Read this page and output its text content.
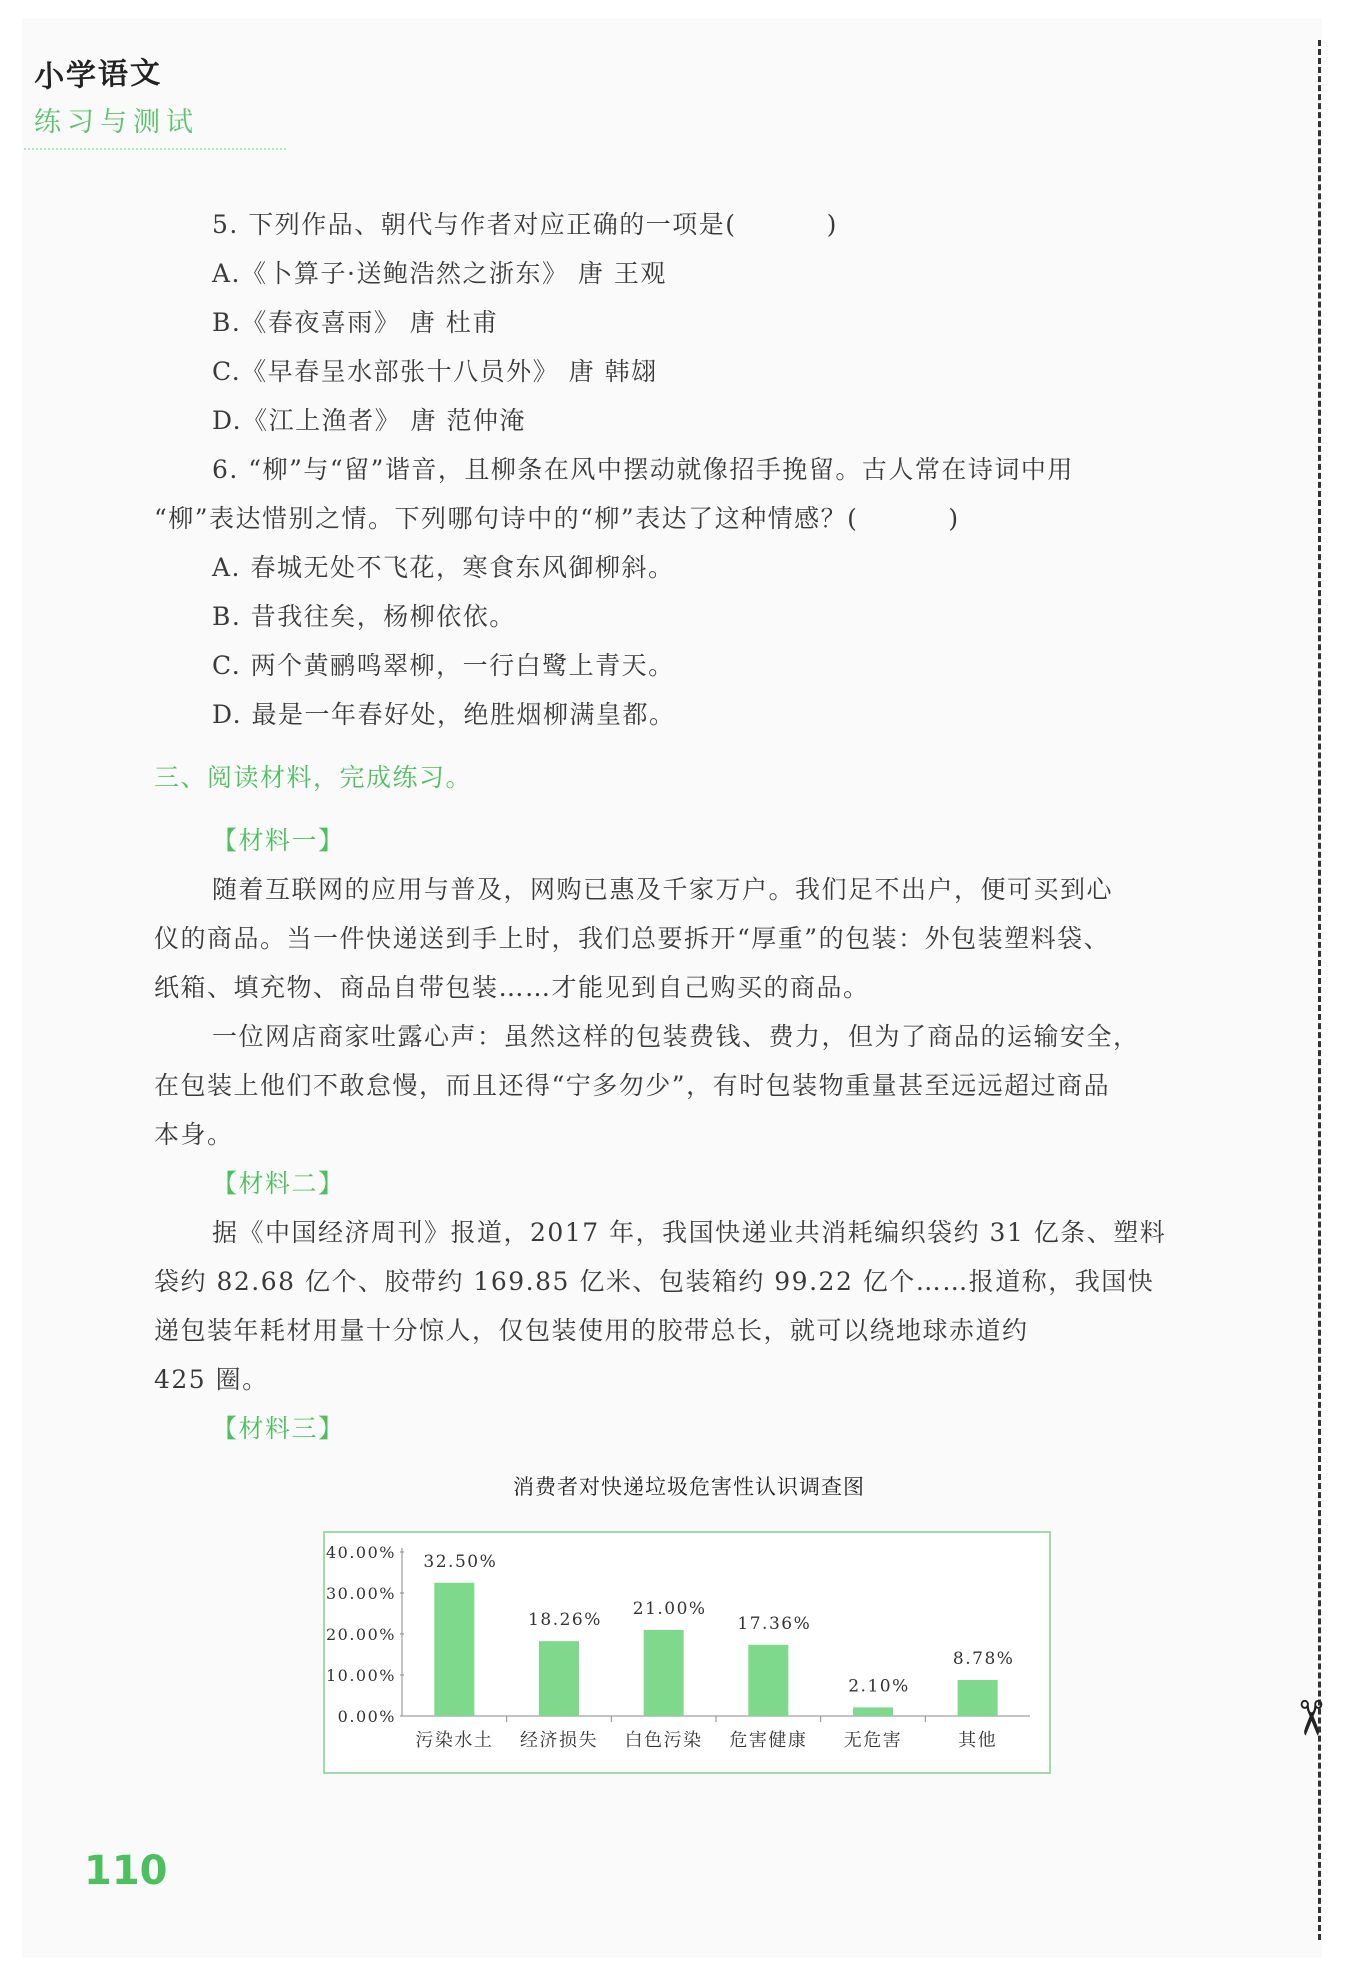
小学语文
练习与测试
✂
5. 下列作品、朝代与作者对应正确的一项是(	)
A.《卜算子·送鲍浩然之浙东》 唐 王观
B.《春夜喜雨》 唐 杜甫
C.《早春呈水部张十八员外》 唐 韩翃
D.《江上渔者》 唐 范仲淹
6. “柳”与“留”谐音，且柳条在风中摆动就像招手挽留。古人常在诗词中用
“柳”表达惜别之情。下列哪句诗中的“柳”表达了这种情感？(	)
A. 春城无处不飞花，寒食东风御柳斜。
B. 昔我往矣，杨柳依依。
C. 两个黄鹂鸣翠柳，一行白鹭上青天。
D. 最是一年春好处，绝胜烟柳满皇都。
三、阅读材料，完成练习。
【材料一】
随着互联网的应用与普及，网购已惠及千家万户。我们足不出户，便可买到心
仪的商品。当一件快递送到手上时，我们总要拆开“厚重”的包装：外包装塑料袋、
纸箱、填充物、商品自带包装……才能见到自己购买的商品。
一位网店商家吐露心声：虽然这样的包装费钱、费力，但为了商品的运输安全，
在包装上他们不敢怠慢，而且还得“宁多勿少”，有时包装物重量甚至远远超过商品
本身。
【材料二】
据《中国经济周刊》报道，2017 年，我国快递业共消耗编织袋约 31 亿条、塑料
袋约 82.68 亿个、胶带约 169.85 亿米、包装箱约 99.22 亿个……报道称，我国快
递包装年耗材用量十分惊人，仅包装使用的胶带总长，就可以绕地球赤道约
425 圈。
【材料三】
消费者对快递垃圾危害性认识调查图
40.00%
30.00%
20.00%
10.00%
0.00%
32.50%
污染水土
18.26%
经济损失
21.00%
白色污染
17.36%
危害健康
2.10%
无危害
8.78%
其他
110
